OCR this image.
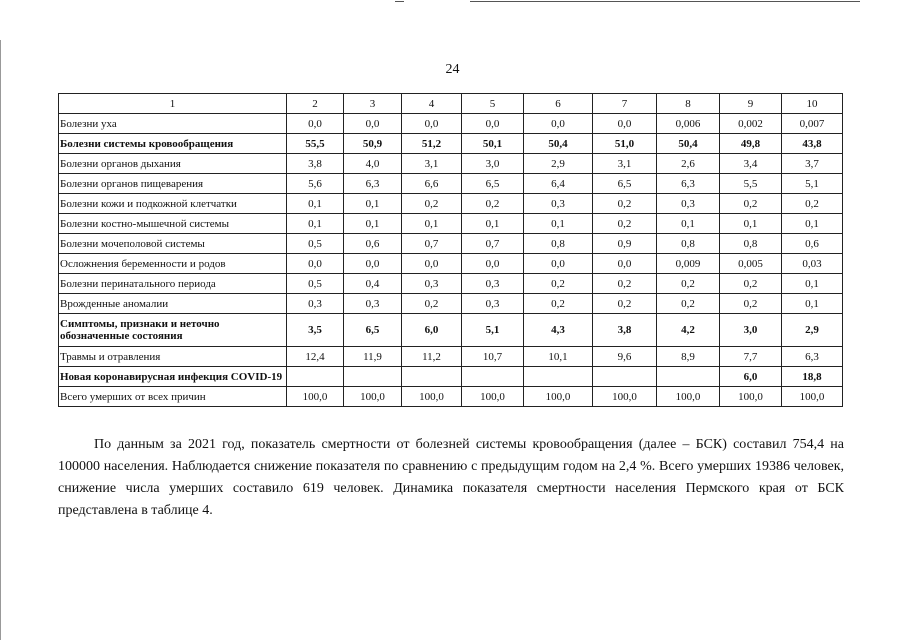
24
1	2	3	4	5	6	7	8	9	10
Болезни уха	0,0	0,0	0,0	0,0	0,0	0,0	0,006	0,002	0,007
Болезни системы кровообращения	55,5	50,9	51,2	50,1	50,4	51,0	50,4	49,8	43,8
Болезни органов дыхания	3,8	4,0	3,1	3,0	2,9	3,1	2,6	3,4	3,7
Болезни органов пищеварения	5,6	6,3	6,6	6,5	6,4	6,5	6,3	5,5	5,1
Болезни кожи и подкожной клетчатки	0,1	0,1	0,2	0,2	0,3	0,2	0,3	0,2	0,2
Болезни костно-мышечной системы	0,1	0,1	0,1	0,1	0,1	0,2	0,1	0,1	0,1
Болезни мочеполовой системы	0,5	0,6	0,7	0,7	0,8	0,9	0,8	0,8	0,6
Осложнения беременности и родов	0,0	0,0	0,0	0,0	0,0	0,0	0,009	0,005	0,03
Болезни перинатального периода	0,5	0,4	0,3	0,3	0,2	0,2	0,2	0,2	0,1
Врожденные аномалии	0,3	0,3	0,2	0,3	0,2	0,2	0,2	0,2	0,1
Симптомы, признаки и неточно обозначенные состояния	3,5	6,5	6,0	5,1	4,3	3,8	4,2	3,0	2,9
Травмы и отравления	12,4	11,9	11,2	10,7	10,1	9,6	8,9	7,7	6,3
Новая коронавирусная инфекция COVID-19								6,0	18,8
Всего умерших от всех причин	100,0	100,0	100,0	100,0	100,0	100,0	100,0	100,0	100,0

По данным за 2021 год, показатель смертности от болезней системы кровообращения (далее – БСК) составил 754,4 на 100000 населения. Наблюдается снижение показателя по сравнению с предыдущим годом на 2,4 %. Всего умерших 19386 человек, снижение числа умерших составило 619 человек. Динамика показателя смертности населения Пермского края от БСК представлена в таблице 4.
